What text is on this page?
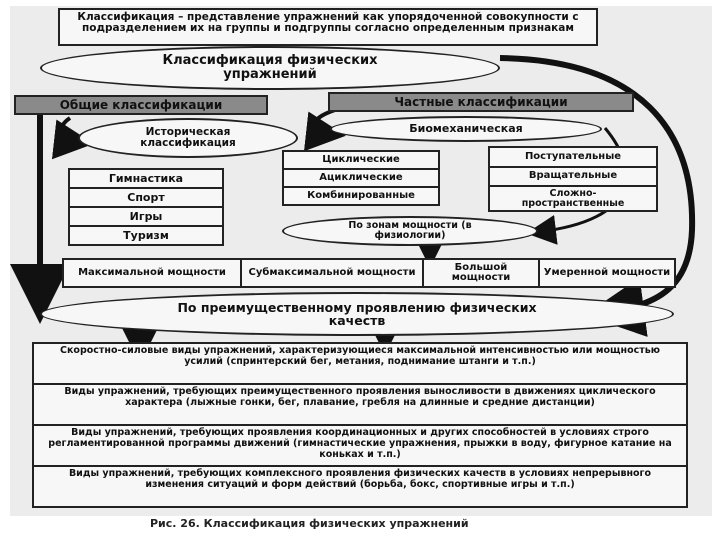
Классификация – представление упражнений как упорядоченной совокупности с подразделением их на группы и подгруппы согласно определенным признакам
Классификация физических упражнений
Общие классификации	Частные классификации
Историческая классификация
Гимнастика
Спорт
Игры
Туризм
Биомеханическая
Циклические
Ациклические
Комбинированные
Поступательные
Вращательные
Сложно-пространственные
По зонам мощности (в физиологии)
Максимальной мощности	Субмаксимальной мощности	Большой мощности	Умеренной мощности
По преимущественному проявлению физических качеств
Скоростно-силовые виды упражнений, характеризующиеся максимальной интенсивностью или мощностью усилий (спринтерский бег, метания, поднимание штанги и т.п.)
Виды упражнений, требующих преимущественного проявления выносливости в движениях циклического характера (лыжные гонки, бег, плавание, гребля на длинные и средние дистанции)
Виды упражнений, требующих проявления координационных и других способностей в условиях строго регламентированной программы движений (гимнастические упражнения, прыжки в воду, фигурное катание на коньках и т.п.)
Виды упражнений, требующих комплексного проявления физических качеств в условиях непрерывного изменения ситуаций и форм действий (борьба, бокс, спортивные игры и т.п.)
Рис. 26. Классификация физических упражнений
